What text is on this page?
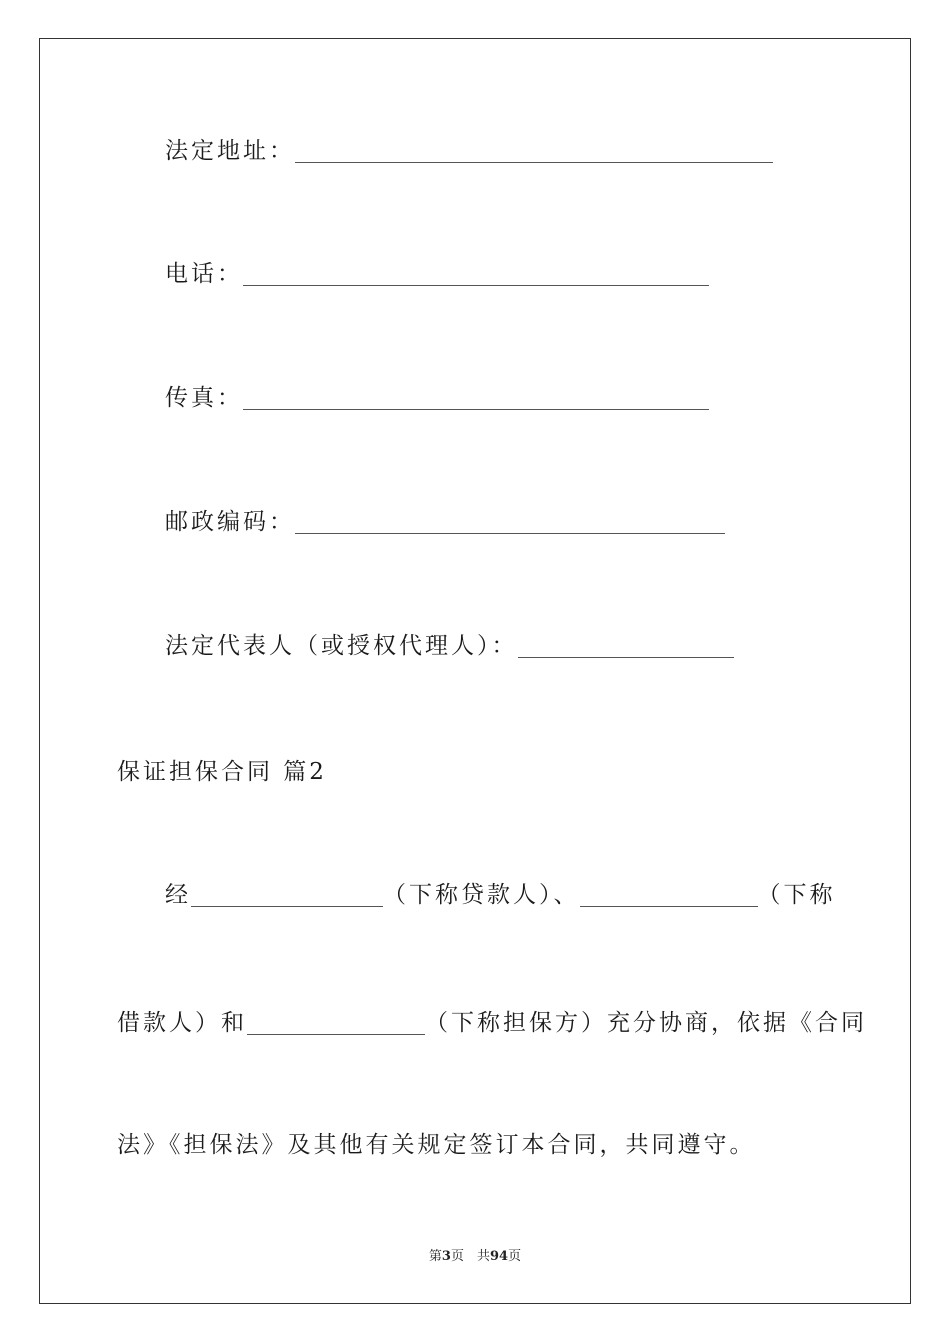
法定地址：
电话：
传真：
邮政编码：
法定代表人（或授权代理人）：
保证担保合同 篇2
经	（下称贷款人）、	（下称
借款人）和	（下称担保方）充分协商，依据《合同
法》《担保法》及其他有关规定签订本合同，共同遵守。
第3页　共94页
